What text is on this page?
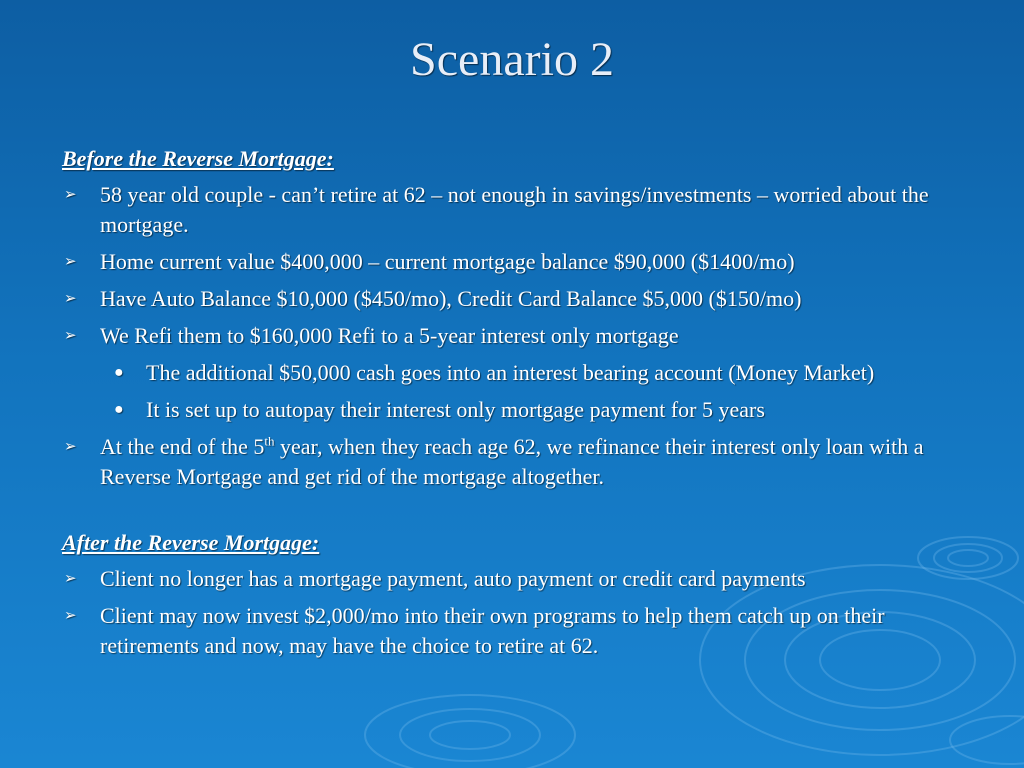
Scenario 2
Before the Reverse Mortgage:
➢ 58 year old couple - can’t retire at 62 – not enough in savings/investments – worried about the mortgage.
➢ Home current value $400,000 – current mortgage balance $90,000 ($1400/mo)
➢ Have Auto Balance $10,000 ($450/mo), Credit Card Balance $5,000 ($150/mo)
➢ We Refi them to $160,000 Refi to a 5-year interest only mortgage
● The additional $50,000 cash goes into an interest bearing account (Money Market)
● It is set up to autopay their interest only mortgage payment for 5 years
➢ At the end of the 5th year, when they reach age 62, we refinance their interest only loan with a Reverse Mortgage and get rid of the mortgage altogether.
After the Reverse Mortgage:
➢ Client no longer has a mortgage payment, auto payment or credit card payments
➢ Client may now invest $2,000/mo into their own programs to help them catch up on their retirements and now, may have the choice to retire at 62.
